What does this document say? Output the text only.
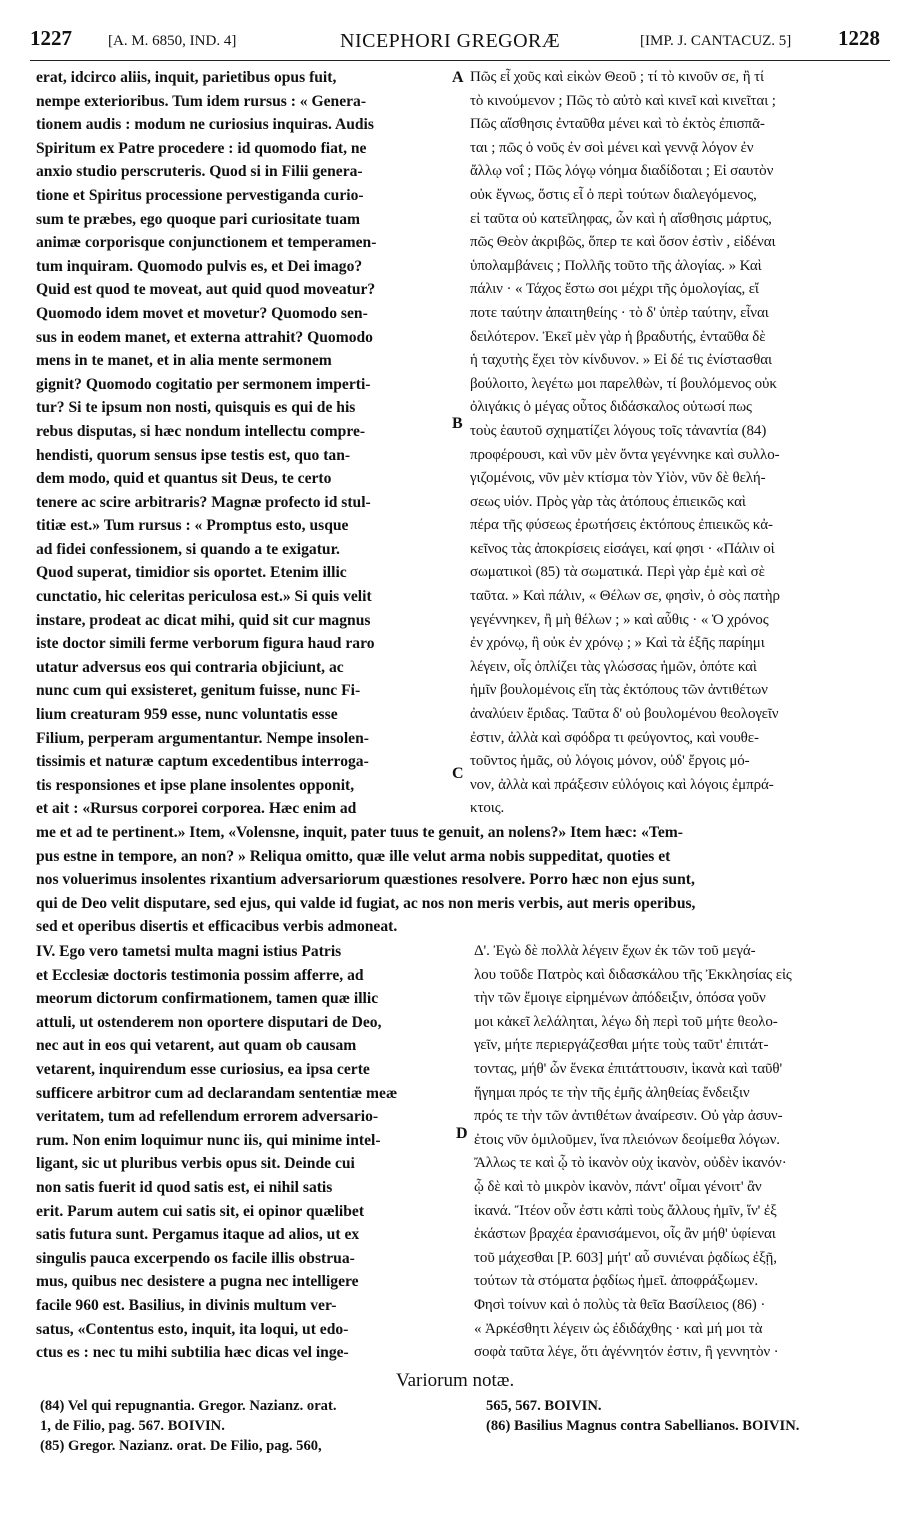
1227 [A. M. 6850, IND. 4]	NICEPHORI GREGORÆ	[IMP. J. CANTACUZ. 5] 1228
A
B
C
D
erat, idcirco aliis, inquit, parietibus opus fuit,
nempe exterioribus. Tum idem rursus : « Genera-
tionem audis : modum ne curiosius inquiras. Audis
Spiritum ex Patre procedere : id quomodo fiat, ne
anxio studio perscruteris. Quod si in Filii genera-
tione et Spiritus processione pervestiganda curio-
sum te præbes, ego quoque pari curiositate tuam
animæ corporisque conjunctionem et temperamen-
tum inquiram. Quomodo pulvis es, et Dei imago?
Quid est quod te moveat, aut quid quod moveatur?
Quomodo idem movet et movetur? Quomodo sen-
sus in eodem manet, et externa attrahit? Quomodo
mens in te manet, et in alia mente sermonem
gignit? Quomodo cogitatio per sermonem imperti-
tur? Si te ipsum non nosti, quisquis es qui de his
rebus disputas, si hæc nondum intellectu compre-
hendisti, quorum sensus ipse testis est, quo tan-
dem modo, quid et quantus sit Deus, te certo
tenere ac scire arbitraris? Magnæ profecto id stul-
titiæ est.» Tum rursus : « Promptus esto, usque
ad fidei confessionem, si quando a te exigatur.
Quod superat, timidior sis oportet. Etenim illic
cunctatio, hic celeritas periculosa est.» Si quis velit
instare, prodeat ac dicat mihi, quid sit cur magnus
iste doctor simili ferme verborum figura haud raro
utatur adversus eos qui contraria objiciunt, ac
nunc cum qui exsisteret, genitum fuisse, nunc Fi-
lium creaturam 959 esse, nunc voluntatis esse
Filium, perperam argumentantur. Nempe insolen-
tissimis et naturæ captum excedentibus interroga-
tis responsiones et ipse plane insolentes opponit,
et ait : «Rursus corporei corporea. Hæc enim ad
Πῶς εἶ χοῦς καὶ εἰκὼν Θεοῦ ; τί τὸ κινοῦν σε, ἢ τί
τὸ κινούμενον ; Πῶς τὸ αὐτὸ καὶ κινεῖ καὶ κινεῖται ;
Πῶς αἴσθησις ἐνταῦθα μένει καὶ τὸ ἐκτὸς ἐπισπᾶ-
ται ; πῶς ὁ νοῦς ἐν σοὶ μένει καὶ γεννᾷ λόγον ἐν
ἄλλῳ νοΐ ; Πῶς λόγῳ νόημα διαδίδοται ; Εἰ σαυτὸν
οὐκ ἔγνως, ὅστις εἶ ὁ περὶ τούτων διαλεγόμενος,
εἰ ταῦτα οὐ κατεῖληφας, ὧν καὶ ἡ αἴσθησις μάρτυς,
πῶς Θεὸν ἀκριβῶς, ὅπερ τε καὶ ὅσον ἐστὶν , εἰδέναι
ὑπολαμβάνεις ; Πολλῆς τοῦτο τῆς ἀλογίας. » Καὶ
πάλιν · « Τάχος ἔστω σοι μέχρι τῆς ὁμολογίας, εἴ
ποτε ταύτην ἀπαιτηθείης · τὸ δ' ὑπὲρ ταύτην, εἶναι
δειλότερον. Ἐκεῖ μὲν γὰρ ἡ βραδυτής, ἐνταῦθα δὲ
ἡ ταχυτὴς ἔχει τὸν κίνδυνον. » Εἰ δέ τις ἐνίστασθαι
βούλοιτο, λεγέτω μοι παρελθὼν, τί βουλόμενος οὐκ
ὀλιγάκις ὁ μέγας οὗτος διδάσκαλος οὑτωσί πως
τοὺς ἑαυτοῦ σχηματίζει λόγους τοῖς τἀναντία (84)
προφέρουσι, καὶ νῦν μὲν ὄντα γεγέννηκε καὶ συλλο-
γιζομένοις, νῦν μὲν κτίσμα τὸν Υἱὸν, νῦν δὲ θελή-
σεως υἱόν. Πρὸς γὰρ τὰς ἀτόπους ἐπιεικῶς καὶ
πέρα τῆς φύσεως ἐρωτήσεις ἐκτόπους ἐπιεικῶς κἀ-
κεῖνος τὰς ἀποκρίσεις εἰσάγει, καί φησι · «Πάλιν οἱ
σωματικοὶ (85) τὰ σωματικά. Περὶ γὰρ ἐμὲ καὶ σὲ
ταῦτα. » Καὶ πάλιν, « Θέλων σε, φησὶν, ὁ σὸς πατὴρ
γεγέννηκεν, ἢ μὴ θέλων ; » καὶ αὖθις · « Ὁ χρόνος
ἐν χρόνῳ, ἢ οὐκ ἐν χρόνῳ ; » Καὶ τὰ ἑξῆς παρίημι
λέγειν, οἷς ὁπλίζει τὰς γλώσσας ἡμῶν, ὁπότε καὶ
ἡμῖν βουλομένοις εἴη τὰς ἐκτόπους τῶν ἀντιθέτων
ἀναλύειν ἔριδας. Ταῦτα δ' οὐ βουλομένου θεολογεῖν
ἐστιν, ἀλλὰ καὶ σφόδρα τι φεύγοντος, καὶ νουθε-
τοῦντος ἡμᾶς, οὐ λόγοις μόνον, οὐδ' ἔργοις μό-
νον, ἀλλὰ καὶ πράξεσιν εὐλόγοις καὶ λόγοις ἐμπρά-
κτοις.
me et ad te pertinent.» Item, «Volensne, inquit, pater tuus te genuit, an nolens?» Item hæc: «Tem-
pus estne in tempore, an non? » Reliqua omitto, quæ ille velut arma nobis suppeditat, quoties et
nos voluerimus insolentes rixantium adversariorum quæstiones resolvere. Porro hæc non ejus sunt,
qui de Deo velit disputare, sed ejus, qui valde id fugiat, ac nos non meris verbis, aut meris operibus,
sed et operibus disertis et efficacibus verbis admoneat.
IV. Ego vero tametsi multa magni istius Patris
et Ecclesiæ doctoris testimonia possim afferre, ad
meorum dictorum confirmationem, tamen quæ illic
attuli, ut ostenderem non oportere disputari de Deo,
nec aut in eos qui vetarent, aut quam ob causam
vetarent, inquirendum esse curiosius, ea ipsa certe
sufficere arbitror cum ad declarandam sententiæ meæ
veritatem, tum ad refellendum errorem adversario-
rum. Non enim loquimur nunc iis, qui minime intel-
ligant, sic ut pluribus verbis opus sit. Deinde cui
non satis fuerit id quod satis est, ei nihil satis
erit. Parum autem cui satis sit, ei opinor quælibet
satis futura sunt. Pergamus itaque ad alios, ut ex
singulis pauca excerpendo os facile illis obstrua-
mus, quibus nec desistere a pugna nec intelligere
facile 960 est. Basilius, in divinis multum ver-
satus, «Contentus esto, inquit, ita loqui, ut edo-
ctus es : nec tu mihi subtilia hæc dicas vel inge-
Δ'. Ἐγὼ δὲ πολλὰ λέγειν ἔχων ἐκ τῶν τοῦ μεγά-
λου τοῦδε Πατρὸς καὶ διδασκάλου τῆς Ἐκκλησίας εἰς
τὴν τῶν ἔμοιγε εἰρημένων ἀπόδειξιν, ὁπόσα γοῦν
μοι κἀκεῖ λελάληται, λέγω δὴ περὶ τοῦ μήτε θεολο-
γεῖν, μήτε περιεργάζεσθαι μήτε τοὺς ταῦτ' ἐπιτάτ-
τοντας, μήθ' ὧν ἕνεκα ἐπιτάττουσιν, ἱκανὰ καὶ ταῦθ'
ἥγημαι πρός τε τὴν τῆς ἐμῆς ἀληθείας ἔνδειξιν
πρός τε τὴν τῶν ἀντιθέτων ἀναίρεσιν. Οὐ γὰρ ἀσυν-
ἐτοις νῦν ὁμιλοῦμεν, ἵνα πλειόνων δεοίμεθα λόγων.
Ἄλλως τε καὶ ᾧ τὸ ἱκανὸν οὐχ ἱκανὸν, οὐδὲν ἱκανόν·
ᾧ δὲ καὶ τὸ μικρὸν ἱκανὸν, πάντ' οἶμαι γένοιτ' ἂν
ἱκανά. Ἴτέον οὖν ἐστι κἀπὶ τοὺς ἄλλους ἡμῖν, ἵν' ἐξ
ἑκάστων βραχέα ἐρανισάμενοι, οἷς ἂν μήθ' ὑφίεναι
τοῦ μάχεσθαι [P. 603] μήτ' αὖ συνιέναι ῥᾳδίως ἐξῇ,
τούτων τὰ στόματα ῥᾳδίως ἡμεῖ. ἀποφράξωμεν.
Φησὶ τοίνυν καὶ ὁ πολὺς τὰ θεῖα Βασίλειος (86) ·
« Ἀρκέσθητι λέγειν ὡς ἐδιδάχθης · καὶ μή μοι τὰ
σοφὰ ταῦτα λέγε, ὅτι ἀγέννητόν ἐστιν, ἢ γεννητὸν ·
Variorum notæ.
(84) Vel qui repugnantia. Gregor. Nazianz. orat.
1, de Filio, pag. 567. BOIVIN.
(85) Gregor. Nazianz. orat. De Filio, pag. 560,
565, 567. BOIVIN.
(86) Basilius Magnus contra Sabellianos. BOIVIN.
